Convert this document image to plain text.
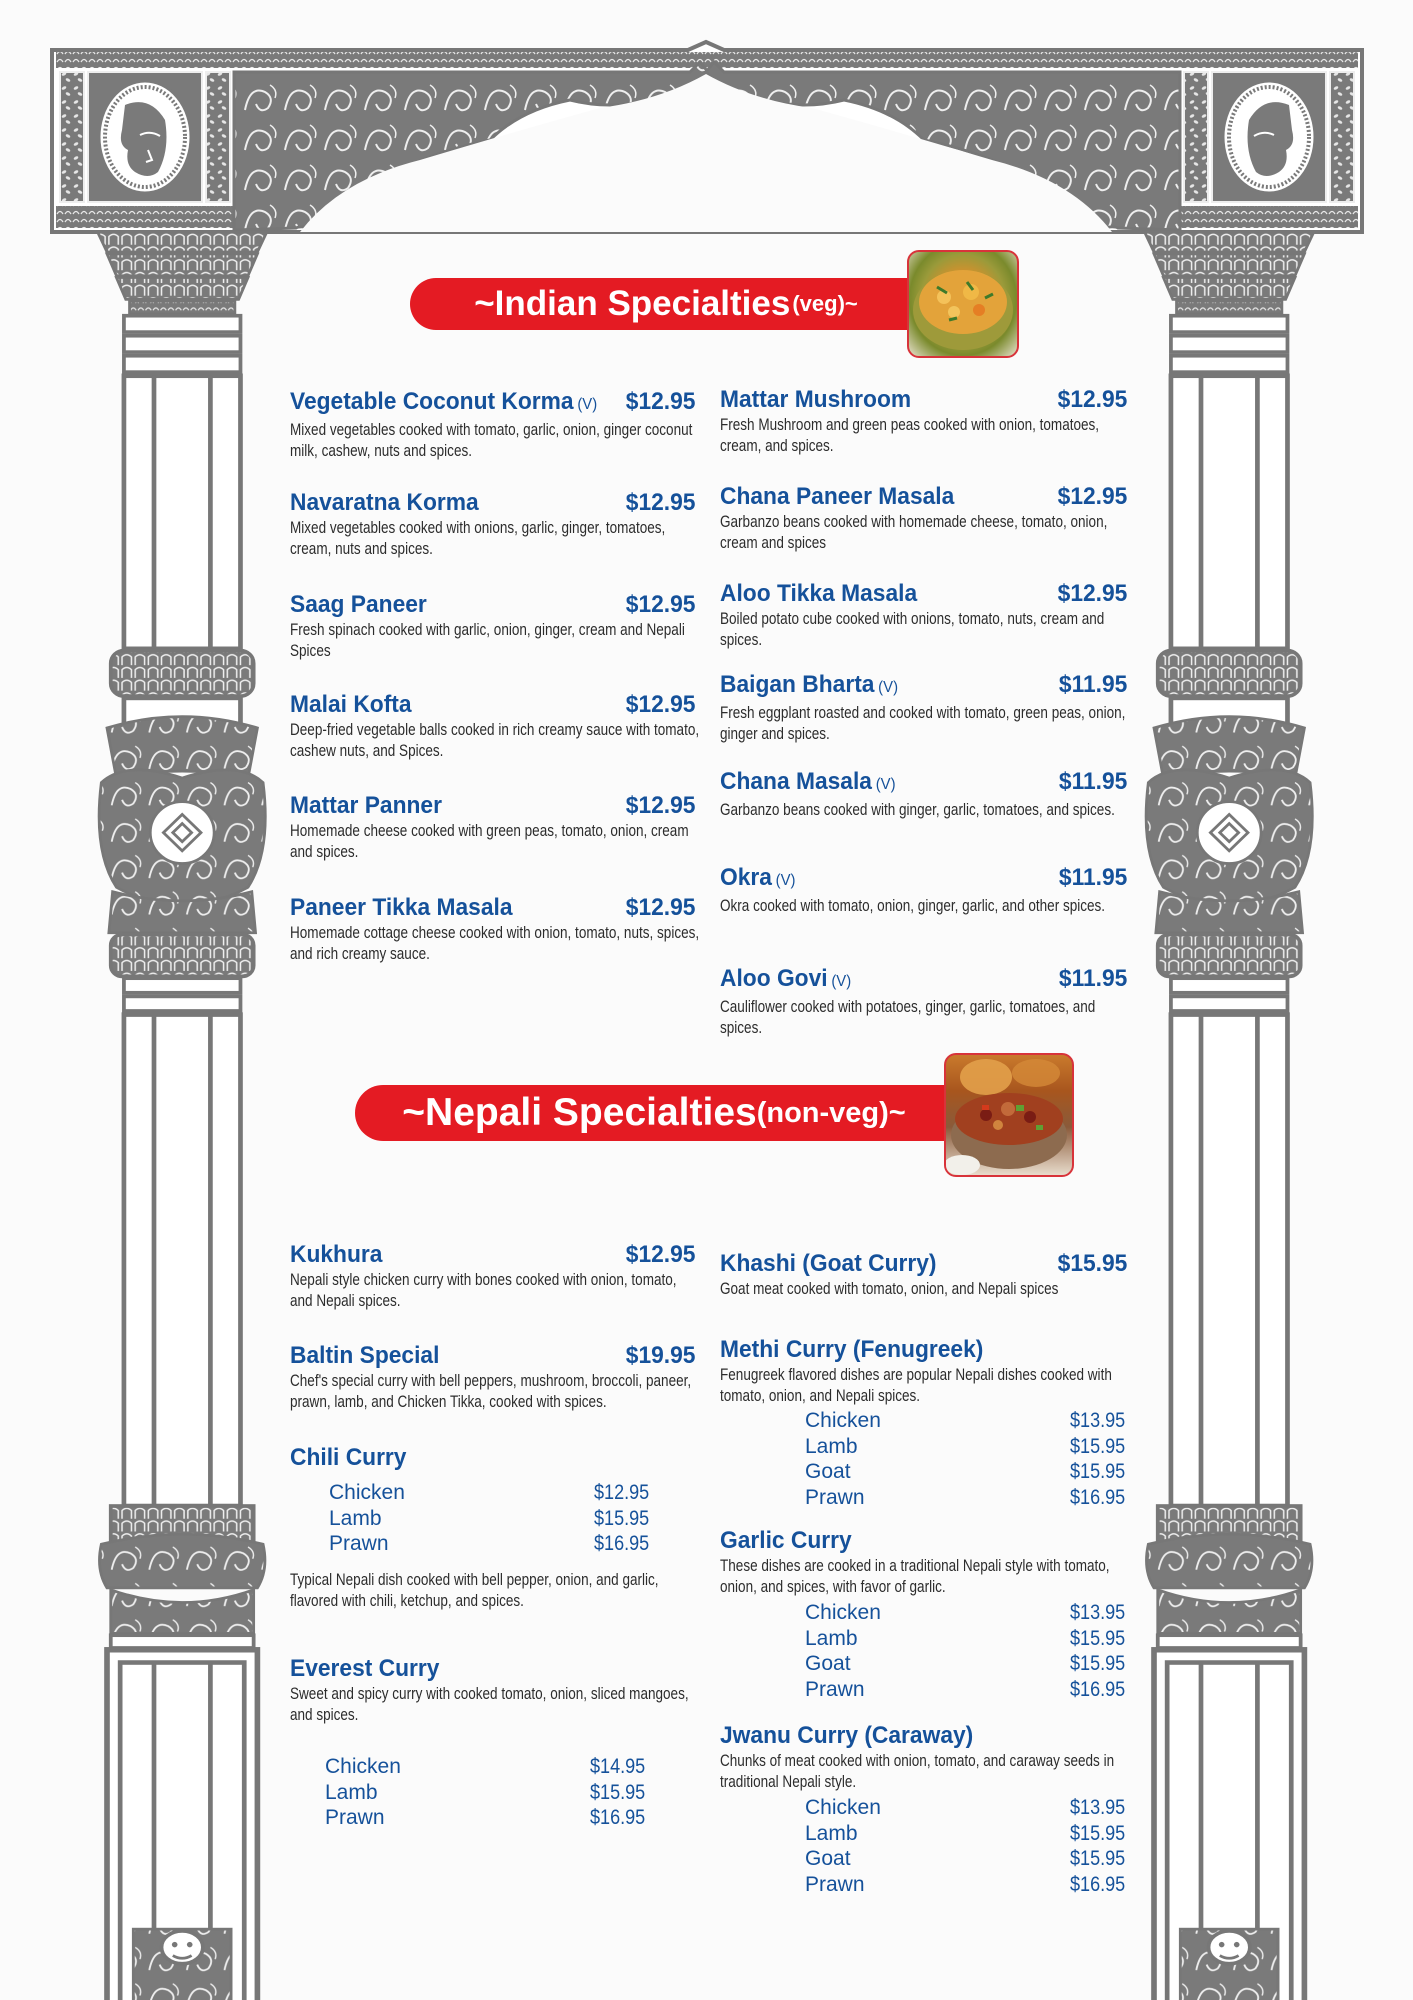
~Indian Specialties (veg)~
Vegetable Coconut Korma (V) $12.95
Mixed vegetables cooked with tomato, garlic, onion, ginger coconut milk, cashew, nuts and spices.
Navaratna Korma	$12.95
Mixed vegetables cooked with onions, garlic, ginger, tomatoes, cream, nuts and spices.
Saag Paneer	$12.95
Fresh spinach cooked with garlic, onion, ginger, cream and Nepali Spices
Malai Kofta	$12.95
Deep-fried vegetable balls cooked in rich creamy sauce with tomato, cashew nuts, and Spices.
Mattar Panner	$12.95
Homemade cheese cooked with green peas, tomato, onion, cream and spices.
Paneer Tikka Masala	$12.95
Homemade cottage cheese cooked with onion, tomato, nuts, spices, and rich creamy sauce.
Mattar Mushroom	$12.95
Fresh Mushroom and green peas cooked with onion, tomatoes, cream, and spices.
Chana Paneer Masala	$12.95
Garbanzo beans cooked with homemade cheese, tomato, onion, cream and spices
Aloo Tikka Masala	$12.95
Boiled potato cube cooked with onions, tomato, nuts, cream and spices.
Baigan Bharta (V)	$11.95
Fresh eggplant roasted and cooked with tomato, green peas, onion, ginger and spices.
Chana Masala (V)	$11.95
Garbanzo beans cooked with ginger, garlic, tomatoes, and spices.
Okra (V)	$11.95
Okra cooked with tomato, onion, ginger, garlic, and other spices.
Aloo Govi (V)	$11.95
Cauliflower cooked with potatoes, ginger, garlic, tomatoes, and spices.
~Nepali Specialties (non-veg)~
Kukhura	$12.95
Nepali style chicken curry with bones cooked with onion, tomato, and Nepali spices.
Baltin Special	$19.95
Chef's special curry with bell peppers, mushroom, broccoli, paneer, prawn, lamb, and Chicken Tikka, cooked with spices.
Chili Curry
Chicken	$12.95
Lamb	$15.95
Prawn	$16.95
Typical Nepali dish cooked with bell pepper, onion, and garlic, flavored with chili, ketchup, and spices.
Everest Curry
Sweet and spicy curry with cooked tomato, onion, sliced mangoes, and spices.
Chicken	$14.95
Lamb	$15.95
Prawn	$16.95
Khashi (Goat Curry)	$15.95
Goat meat cooked with tomato, onion, and Nepali spices
Methi Curry (Fenugreek)
Fenugreek flavored dishes are popular Nepali dishes cooked with tomato, onion, and Nepali spices.
Chicken	$13.95
Lamb	$15.95
Goat	$15.95
Prawn	$16.95
Garlic Curry
These dishes are cooked in a traditional Nepali style with tomato, onion, and spices, with favor of garlic.
Chicken	$13.95
Lamb	$15.95
Goat	$15.95
Prawn	$16.95
Jwanu Curry (Caraway)
Chunks of meat cooked with onion, tomato, and caraway seeds in traditional Nepali style.
Chicken	$13.95
Lamb	$15.95
Goat	$15.95
Prawn	$16.95
